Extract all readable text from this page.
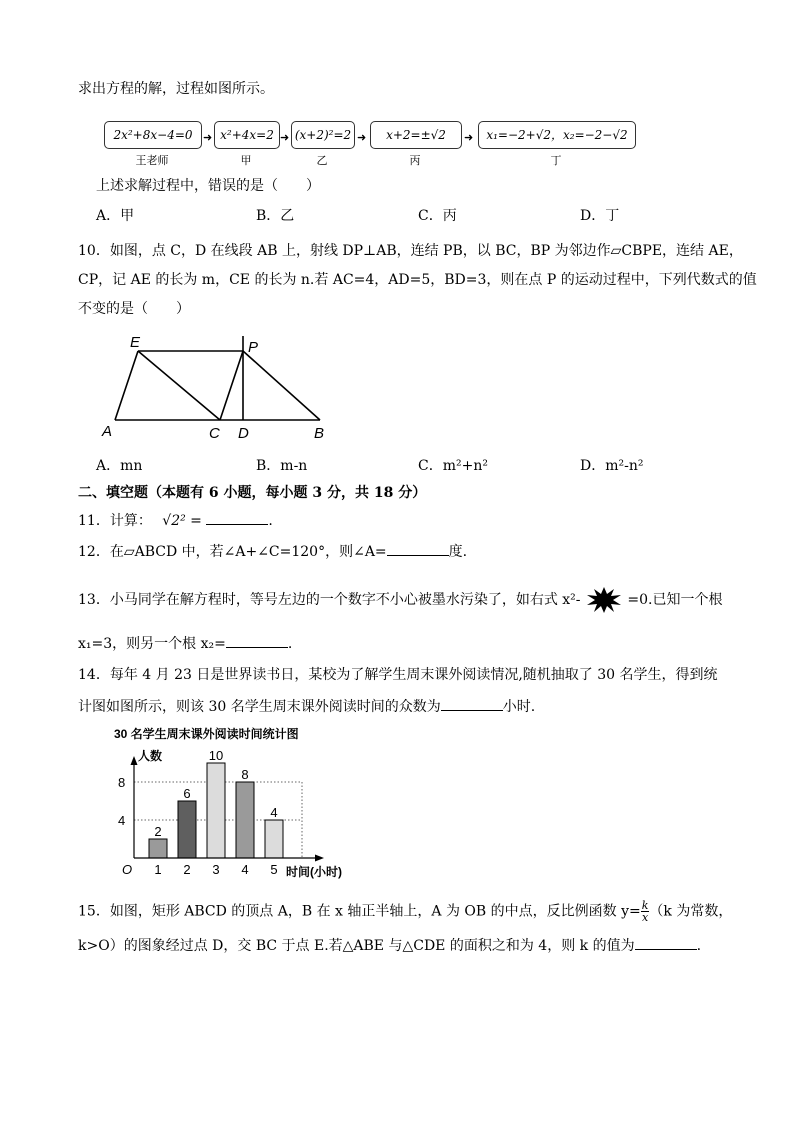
求出方程的解，过程如图所示。
2x²+8x−4=0 ➜ x²+4x=2 ➜ (x+2)²=2 ➜	x+2=±√2	➜	x₁=−2+√2，x₂=−2−√2
王老师	甲	乙	丙	丁
上述求解过程中，错误的是（　　）
A．甲	B．乙	C．丙	D．丁
10．如图，点 C，D 在线段 AB 上，射线 DP⊥AB，连结 PB，以 BC，BP 为邻边作▱CBPE，连结 AE，
CP，记 AE 的长为 m，CE 的长为 n.若 AC=4，AD=5，BD=3，则在点 P 的运动过程中，下列代数式的值
不变的是（　　）
E	P
A	C D	B
A．mn	B．m-n	C．m²+n²	D．m²-n²
二、填空题（本题有 6 小题，每小题 3 分，共 18 分）
11．计算： √2² =	.
12．在▱ABCD 中，若∠A+∠C=120°，则∠A=	度.
13．小马同学在解方程时，等号左边的一个数字不小心被墨水污染了，如右式 x²-	=0.已知一个根
x₁=3，则另一个根 x₂=	.
14．每年 4 月 23 日是世界读书日，某校为了解学生周末课外阅读情况,随机抽取了 30 名学生，得到统
计图如图所示，则该 30 名学生周末课外阅读时间的众数为	小时.
30 名学生周末课外阅读时间统计图
人数
O	时间(小时)
4
8
2
1
6
2
10
3
8
4
4
5
15．如图，矩形 ABCD 的顶点 A，B 在 x 轴正半轴上，A 为 OB 的中点，反比例函数 $y= \frac{k}{x} (k$ 为常数，
k>O）的图象经过点 D，交 BC 于点 E.若△ABE 与△CDE 的面积之和为 4，则 k 的值为	.
